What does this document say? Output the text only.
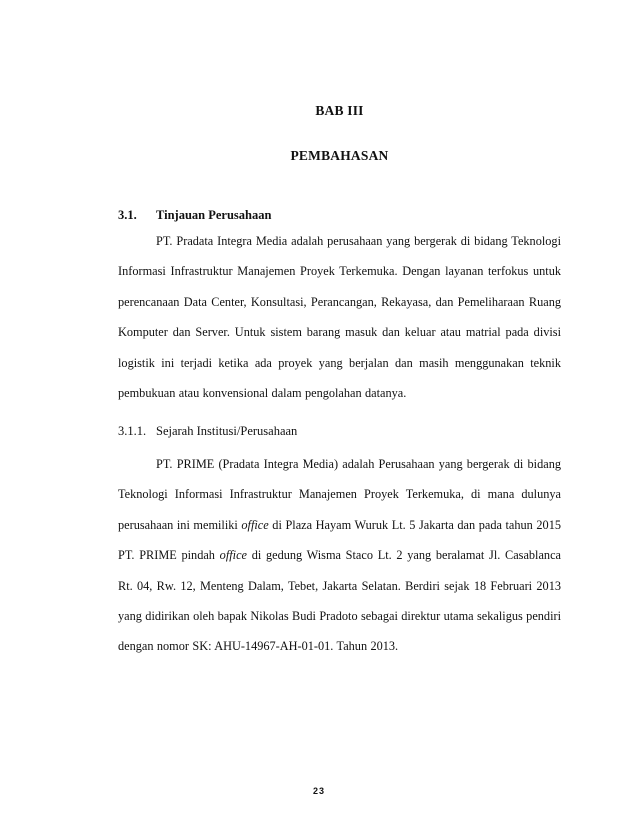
BAB III
PEMBAHASAN
3.1. Tinjauan Perusahaan

PT. Pradata Integra Media adalah perusahaan yang bergerak di bidang Teknologi Informasi Infrastruktur Manajemen Proyek Terkemuka. Dengan layanan terfokus untuk perencanaan Data Center, Konsultasi, Perancangan, Rekayasa, dan Pemeliharaan Ruang Komputer dan Server. Untuk sistem barang masuk dan keluar atau matrial pada divisi logistik ini terjadi ketika ada proyek yang berjalan dan masih menggunakan teknik pembukuan atau konvensional dalam pengolahan datanya.

3.1.1. Sejarah Institusi/Perusahaan

PT. PRIME (Pradata Integra Media) adalah Perusahaan yang bergerak di bidang Teknologi Informasi Infrastruktur Manajemen Proyek Terkemuka, di mana dulunya perusahaan ini memiliki office di Plaza Hayam Wuruk Lt. 5 Jakarta dan pada tahun 2015 PT. PRIME pindah office di gedung Wisma Staco Lt. 2 yang beralamat Jl. Casablanca Rt. 04, Rw. 12, Menteng Dalam, Tebet, Jakarta Selatan. Berdiri sejak 18 Februari 2013 yang didirikan oleh bapak Nikolas Budi Pradoto sebagai direktur utama sekaligus pendiri dengan nomor SK: AHU-14967-AH-01-01. Tahun 2013.

23
